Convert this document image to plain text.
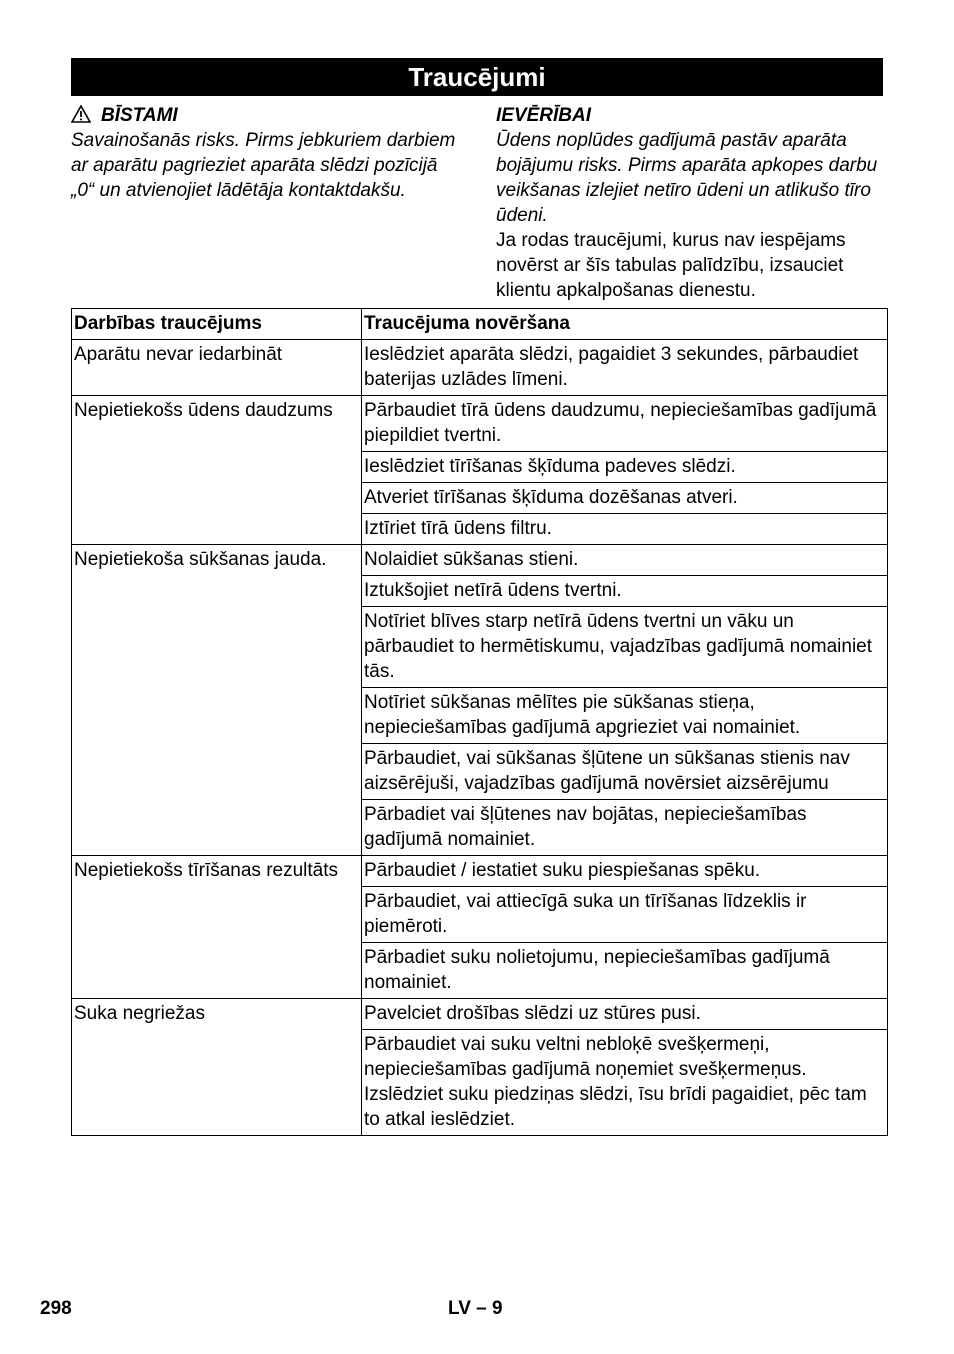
Traucējumi
BĪSTAMI
Savainošanās risks. Pirms jebkuriem darbiem ar aparātu pagrieziet aparāta slēdzi pozīcijā „0“ un atvienojiet lādētāja kontaktdakšu.
IEVĒRĪBAI
Ūdens noplūdes gadījumā pastāv aparāta bojājumu risks. Pirms aparāta apkopes darbu veikšanas izlejiet netīro ūdeni un atlikušo tīro ūdeni.
Ja rodas traucējumi, kurus nav iespējams novērst ar šīs tabulas palīdzību, izsauciet klientu apkalpošanas dienestu.
Darbības traucējums	Traucējuma novēršana
Aparātu nevar iedarbināt	Ieslēdziet aparāta slēdzi, pagaidiet 3 sekundes, pārbaudiet baterijas uzlādes līmeni.
Nepietiekošs ūdens daudzums	Pārbaudiet tīrā ūdens daudzumu, nepieciešamības gadījumā piepildiet tvertni.
	Ieslēdziet tīrīšanas šķīduma padeves slēdzi.
	Atveriet tīrīšanas šķīduma dozēšanas atveri.
	Iztīriet tīrā ūdens filtru.
Nepietiekoša sūkšanas jauda.	Nolaidiet sūkšanas stieni.
	Iztukšojiet netīrā ūdens tvertni.
	Notīriet blīves starp netīrā ūdens tvertni un vāku un pārbaudiet to hermētiskumu, vajadzības gadījumā nomainiet tās.
	Notīriet sūkšanas mēlītes pie sūkšanas stieņa, nepieciešamības gadījumā apgrieziet vai nomainiet.
	Pārbaudiet, vai sūkšanas šļūtene un sūkšanas stienis nav aizsērējuši, vajadzības gadījumā novērsiet aizsērējumu
	Pārbadiet vai šļūtenes nav bojātas, nepieciešamības gadījumā nomainiet.
Nepietiekošs tīrīšanas rezultāts	Pārbaudiet / iestatiet suku piespiešanas spēku.
	Pārbaudiet, vai attiecīgā suka un tīrīšanas līdzeklis ir piemēroti.
	Pārbadiet suku nolietojumu, nepieciešamības gadījumā nomainiet.
Suka negriežas	Pavelciet drošības slēdzi uz stūres pusi.
	Pārbaudiet vai suku veltni nebloķē svešķermeņi, nepieciešamības gadījumā noņemiet svešķermeņus. Izslēdziet suku piedziņas slēdzi, īsu brīdi pagaidiet, pēc tam to atkal ieslēdziet.
298	LV – 9
